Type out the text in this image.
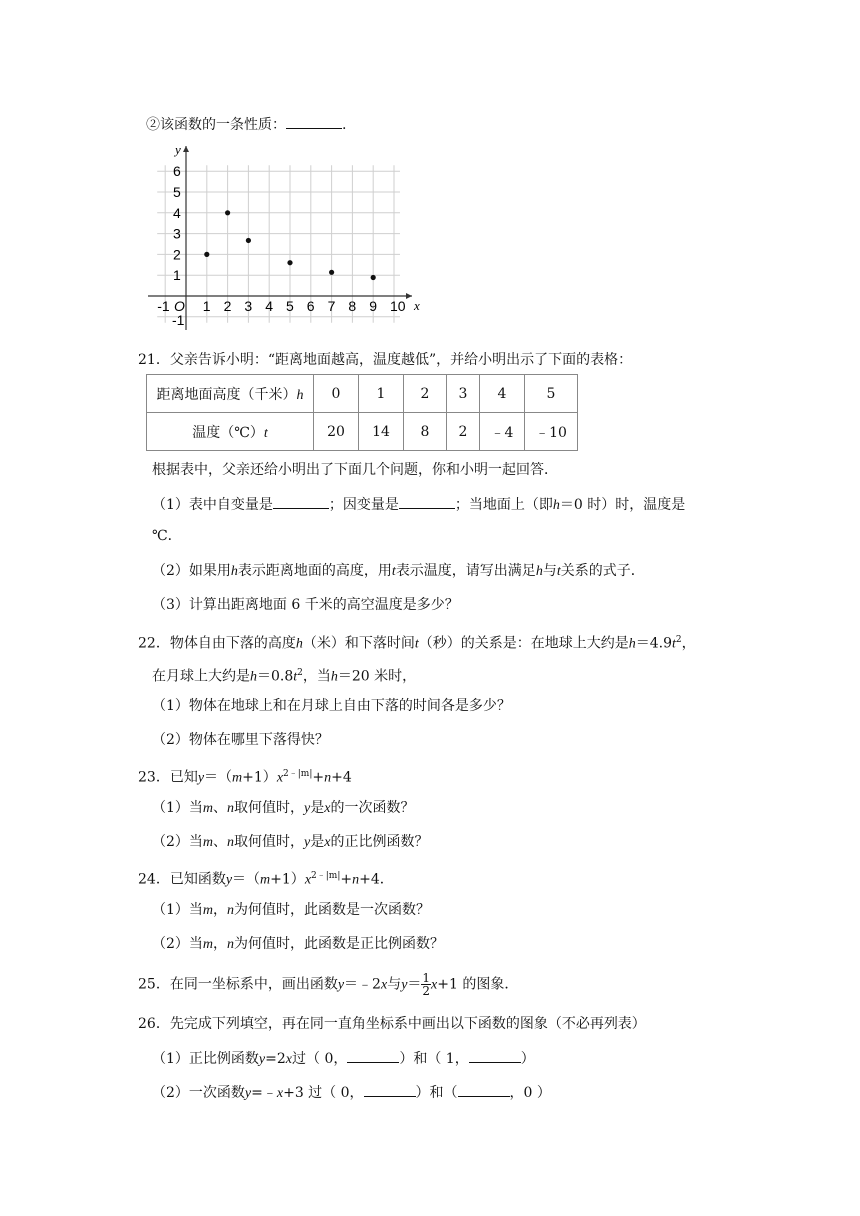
②该函数的一条性质：	.
x
y
O
-1 1 2 3 4 5 6 7 8 9 10
6
5
4
3
2
1
-1
21．父亲告诉小明：“距离地面越高，温度越低”，并给小明出示了下面的表格：
距离地面高度（千米）h	0	1	2	3	4	5
温度（℃）t	20	14	8	2	﹣4	﹣10
根据表中，父亲还给小明出了下面几个问题，你和小明一起回答．
（1）表中自变量是	；因变量是	；当地面上（即h＝0 时）时，温度是
℃．
（2）如果用h表示距离地面的高度，用t表示温度，请写出满足h与t关系的式子．
（3）计算出距离地面 6 千米的高空温度是多少？
22．物体自由下落的高度h（米）和下落时间t（秒）的关系是：在地球上大约是$h=4.9t^2$，
在月球上大约是$h=0.8t^2$，当h＝20 米时，
（1）物体在地球上和在月球上自由下落的时间各是多少？
（2）物体在哪里下落得快？
23．已知$y=(m+1)x^{2﹣|m|}+n+4$
（1）当m、n取何值时，y是x的一次函数？
（2）当m、n取何值时，y是x的正比例函数？
24．已知函数$y=(m+1)x^{2﹣|m|}+n+4$．
（1）当m，n为何值时，此函数是一次函数？
（2）当m，n为何值时，此函数是正比例函数？
25．在同一坐标系中，画出函数y＝﹣2x与$y= \frac{1}{2} x+1$ 的图象．
26．先完成下列填空，再在同一直角坐标系中画出以下函数的图象（不必再列表）
（1）正比例函数y=2x过（ 0，	）和（ 1，	）
（2）一次函数y=﹣x+3 过（ 0，	）和（	，0 ）
